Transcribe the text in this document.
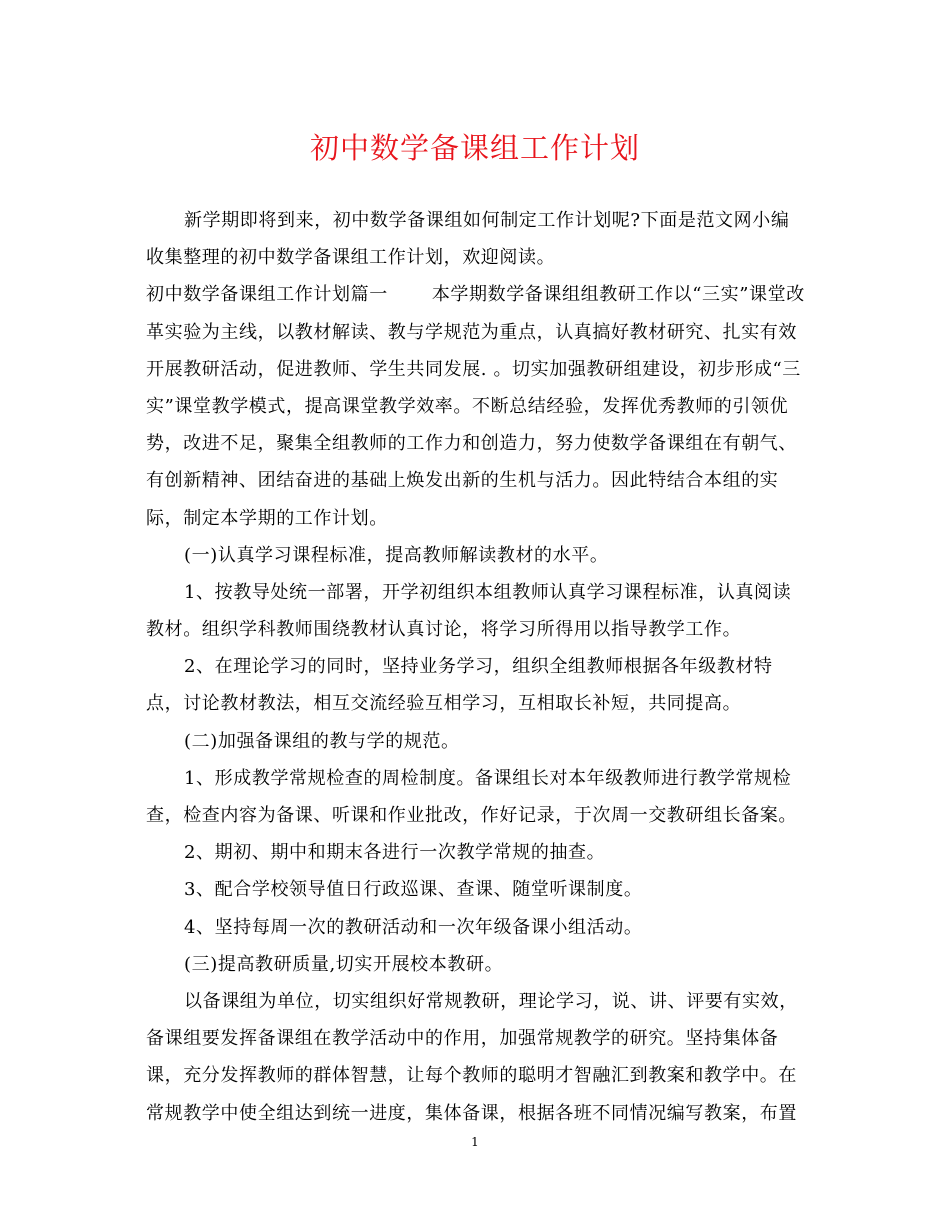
初中数学备课组工作计划
新学期即将到来，初中数学备课组如何制定工作计划呢?下面是范文网小编
收集整理的初中数学备课组工作计划，欢迎阅读。
初中数学备课组工作计划篇一 本学期数学备课组组教研工作以“三实”课堂改
革实验为主线，以教材解读、教与学规范为重点，认真搞好教材研究、扎实有效
开展教研活动，促进教师、学生共同发展. 。切实加强教研组建设，初步形成“三
实”课堂教学模式，提高课堂教学效率。不断总结经验，发挥优秀教师的引领优
势，改进不足，聚集全组教师的工作力和创造力，努力使数学备课组在有朝气、
有创新精神、团结奋进的基础上焕发出新的生机与活力。因此特结合本组的实
际，制定本学期的工作计划。
(一)认真学习课程标准，提高教师解读教材的水平。
1、按教导处统一部署，开学初组织本组教师认真学习课程标准，认真阅读
教材。组织学科教师围绕教材认真讨论，将学习所得用以指导教学工作。
2、在理论学习的同时，坚持业务学习，组织全组教师根据各年级教材特
点，讨论教材教法，相互交流经验互相学习，互相取长补短，共同提高。
(二)加强备课组的教与学的规范。
1、形成教学常规检查的周检制度。备课组长对本年级教师进行教学常规检
查，检查内容为备课、听课和作业批改，作好记录，于次周一交教研组长备案。
2、期初、期中和期末各进行一次教学常规的抽查。
3、配合学校领导值日行政巡课、查课、随堂听课制度。
4、坚持每周一次的教研活动和一次年级备课小组活动。
(三)提高教研质量,切实开展校本教研。
以备课组为单位，切实组织好常规教研，理论学习，说、讲、评要有实效，
备课组要发挥备课组在教学活动中的作用，加强常规教学的研究。坚持集体备
课，充分发挥教师的群体智慧，让每个教师的聪明才智融汇到教案和教学中。在
常规教学中使全组达到统一进度，集体备课，根据各班不同情况编写教案，布置
1
